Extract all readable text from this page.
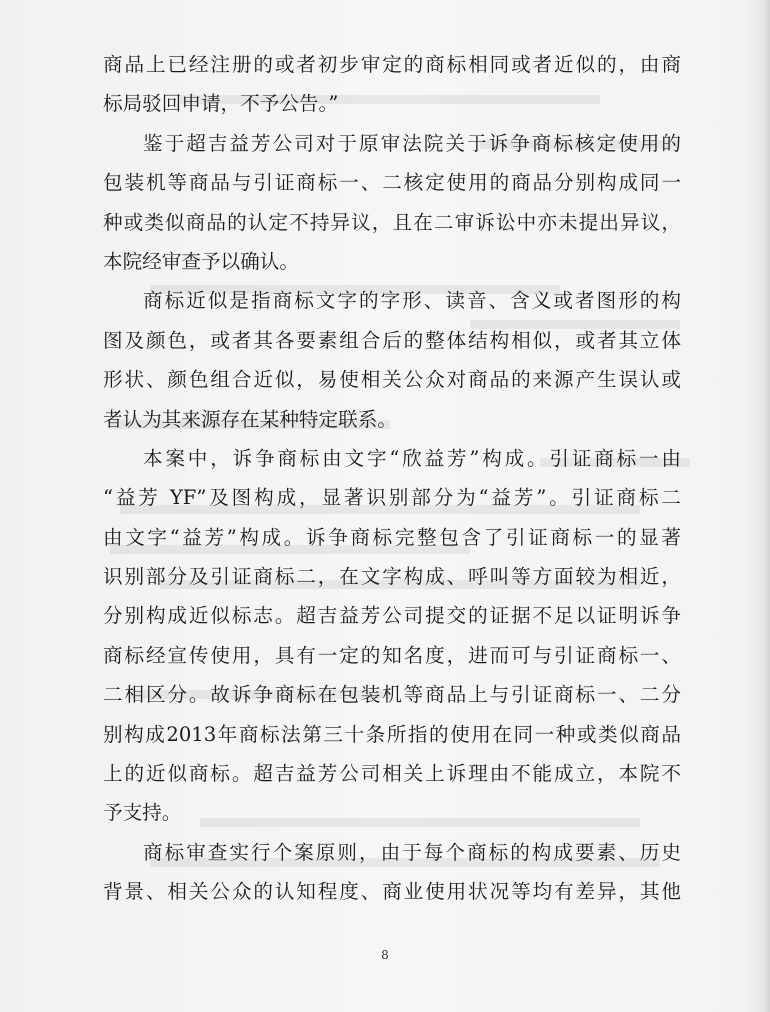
商品上已经注册的或者初步审定的商标相同或者近似的，由商
标局驳回申请，不予公告。”
鉴于超吉益芳公司对于原审法院关于诉争商标核定使用的
包装机等商品与引证商标一、二核定使用的商品分别构成同一
种或类似商品的认定不持异议，且在二审诉讼中亦未提出异议，
本院经审查予以确认。
商标近似是指商标文字的字形、读音、含义或者图形的构
图及颜色，或者其各要素组合后的整体结构相似，或者其立体
形状、颜色组合近似，易使相关公众对商品的来源产生误认或
者认为其来源存在某种特定联系。
本案中，诉争商标由文字“欣益芳”构成。引证商标一由
“益芳 YF”及图构成，显著识别部分为“益芳”。引证商标二
由文字“益芳”构成。诉争商标完整包含了引证商标一的显著
识别部分及引证商标二，在文字构成、呼叫等方面较为相近，
分别构成近似标志。超吉益芳公司提交的证据不足以证明诉争
商标经宣传使用，具有一定的知名度，进而可与引证商标一、
二相区分。故诉争商标在包装机等商品上与引证商标一、二分
别构成2013年商标法第三十条所指的使用在同一种或类似商品
上的近似商标。超吉益芳公司相关上诉理由不能成立，本院不
予支持。
商标审查实行个案原则，由于每个商标的构成要素、历史
背景、相关公众的认知程度、商业使用状况等均有差异，其他
8
